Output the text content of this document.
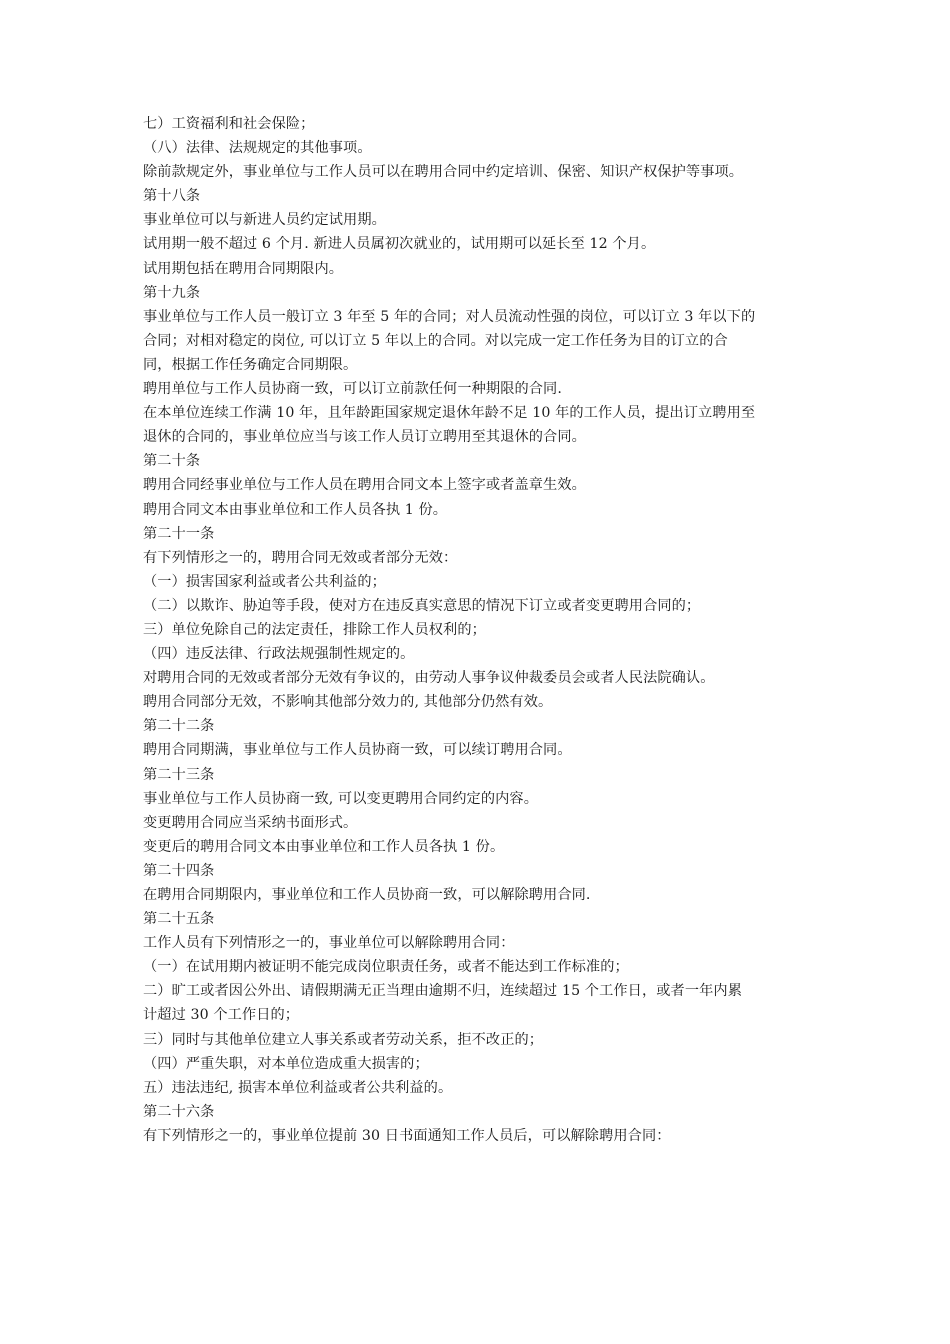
七）工资福利和社会保险；
（八）法律、法规规定的其他事项。
除前款规定外，事业单位与工作人员可以在聘用合同中约定培训、保密、知识产权保护等事项。
第十八条
事业单位可以与新进人员约定试用期。
试用期一般不超过 6 个月. 新进人员属初次就业的，试用期可以延长至 12 个月。
试用期包括在聘用合同期限内。
第十九条
事业单位与工作人员一般订立 3 年至 5 年的合同；对人员流动性强的岗位，可以订立 3 年以下的
合同；对相对稳定的岗位, 可以订立 5 年以上的合同。对以完成一定工作任务为目的订立的合
同，根据工作任务确定合同期限。
聘用单位与工作人员协商一致，可以订立前款任何一种期限的合同.
在本单位连续工作满 10 年，且年龄距国家规定退休年龄不足 10 年的工作人员，提出订立聘用至
退休的合同的，事业单位应当与该工作人员订立聘用至其退休的合同。
第二十条
聘用合同经事业单位与工作人员在聘用合同文本上签字或者盖章生效。
聘用合同文本由事业单位和工作人员各执 1 份。
第二十一条
有下列情形之一的，聘用合同无效或者部分无效：
（一）损害国家利益或者公共利益的；
（二）以欺诈、胁迫等手段，使对方在违反真实意思的情况下订立或者变更聘用合同的；
三）单位免除自己的法定责任，排除工作人员权利的；
（四）违反法律、行政法规强制性规定的。
对聘用合同的无效或者部分无效有争议的，由劳动人事争议仲裁委员会或者人民法院确认。
聘用合同部分无效，不影响其他部分效力的, 其他部分仍然有效。
第二十二条
聘用合同期满，事业单位与工作人员协商一致，可以续订聘用合同。
第二十三条
事业单位与工作人员协商一致, 可以变更聘用合同约定的内容。
变更聘用合同应当采纳书面形式。
变更后的聘用合同文本由事业单位和工作人员各执 1 份。
第二十四条
在聘用合同期限内，事业单位和工作人员协商一致，可以解除聘用合同.
第二十五条
工作人员有下列情形之一的，事业单位可以解除聘用合同：
（一）在试用期内被证明不能完成岗位职责任务，或者不能达到工作标准的；
二）旷工或者因公外出、请假期满无正当理由逾期不归，连续超过 15 个工作日，或者一年内累
计超过 30 个工作日的；
三）同时与其他单位建立人事关系或者劳动关系，拒不改正的；
（四）严重失职，对本单位造成重大损害的；
五）违法违纪, 损害本单位利益或者公共利益的。
第二十六条
有下列情形之一的，事业单位提前 30 日书面通知工作人员后，可以解除聘用合同：
